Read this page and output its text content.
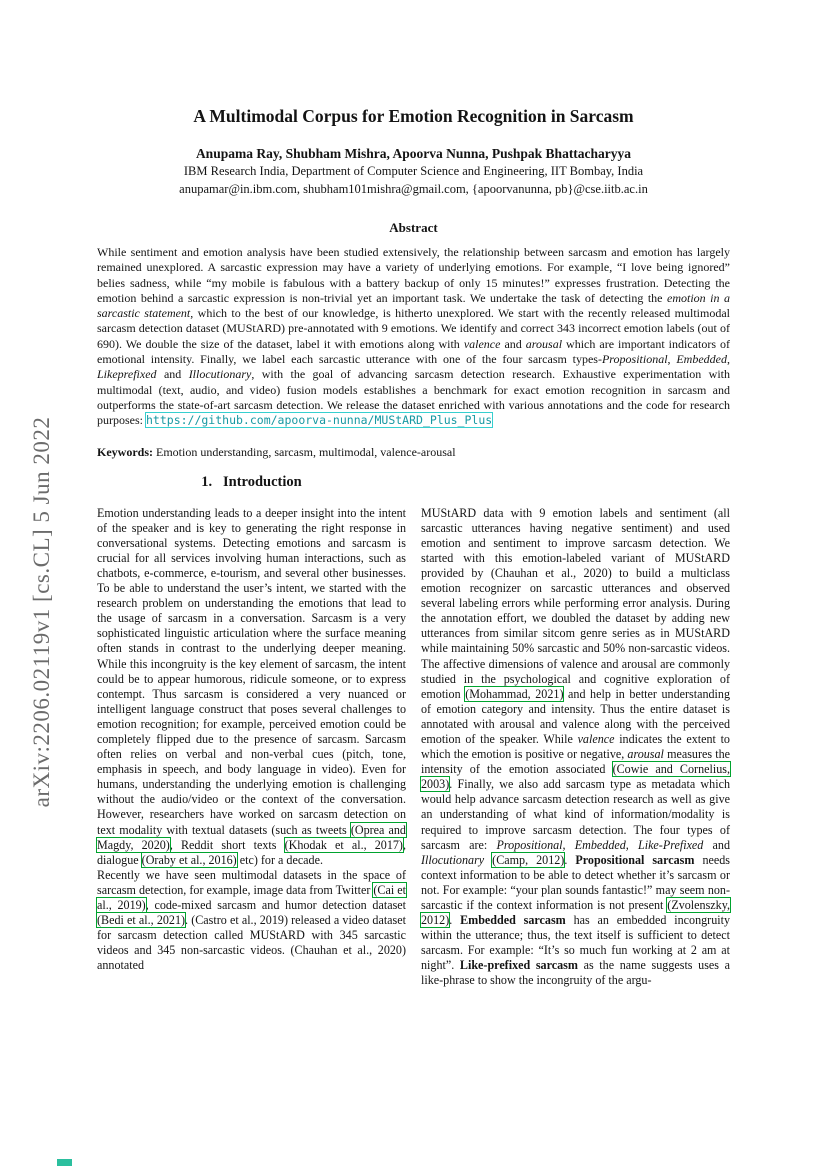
arXiv:2206.02119v1 [cs.CL] 5 Jun 2022
A Multimodal Corpus for Emotion Recognition in Sarcasm
Anupama Ray, Shubham Mishra, Apoorva Nunna, Pushpak Bhattacharyya
IBM Research India, Department of Computer Science and Engineering, IIT Bombay, India
anupamar@in.ibm.com, shubham101mishra@gmail.com, {apoorvanunna, pb}@cse.iitb.ac.in
Abstract
While sentiment and emotion analysis have been studied extensively, the relationship between sarcasm and emotion has largely remained unexplored. A sarcastic expression may have a variety of underlying emotions. For example, “I love being ignored” belies sadness, while “my mobile is fabulous with a battery backup of only 15 minutes!” expresses frustration. Detecting the emotion behind a sarcastic expression is non-trivial yet an important task. We undertake the task of detecting the emotion in a sarcastic statement, which to the best of our knowledge, is hitherto unexplored. We start with the recently released multimodal sarcasm detection dataset (MUStARD) pre-annotated with 9 emotions. We identify and correct 343 incorrect emotion labels (out of 690). We double the size of the dataset, label it with emotions along with valence and arousal which are important indicators of emotional intensity. Finally, we label each sarcastic utterance with one of the four sarcasm types-Propositional, Embedded, Likeprefixed and Illocutionary, with the goal of advancing sarcasm detection research. Exhaustive experimentation with multimodal (text, audio, and video) fusion models establishes a benchmark for exact emotion recognition in sarcasm and outperforms the state-of-art sarcasm detection. We release the dataset enriched with various annotations and the code for research purposes: https://github.com/apoorva-nunna/MUStARD_Plus_Plus
Keywords: Emotion understanding, sarcasm, multimodal, valence-arousal
1.   Introduction

Emotion understanding leads to a deeper insight into the intent of the speaker and is key to generating the right response in conversational systems. Detecting emotions and sarcasm is crucial for all services involving human interactions, such as chatbots, e-commerce, e-tourism, and several other businesses. To be able to understand the user’s intent, we started with the research problem on understanding the emotions that lead to the usage of sarcasm in a conversation. Sarcasm is a very sophisticated linguistic articulation where the surface meaning often stands in contrast to the underlying deeper meaning. While this incongruity is the key element of sarcasm, the intent could be to appear humorous, ridicule someone, or to express contempt. Thus sarcasm is considered a very nuanced or intelligent language construct that poses several challenges to emotion recognition; for example, perceived emotion could be completely flipped due to the presence of sarcasm. Sarcasm often relies on verbal and non-verbal cues (pitch, tone, emphasis in speech, and body language in video). Even for humans, understanding the underlying emotion is challenging without the audio/video or the context of the conversation. However, researchers have worked on sarcasm detection on text modality with textual datasets (such as tweets (Oprea and Magdy, 2020), Reddit short texts (Khodak et al., 2017), dialogue (Oraby et al., 2016) etc) for a decade.

Recently we have seen multimodal datasets in the space of sarcasm detection, for example, image data from Twitter (Cai et al., 2019), code-mixed sarcasm and humor detection dataset (Bedi et al., 2021). (Castro et al., 2019) released a video dataset for sarcasm detection called MUStARD with 345 sarcastic videos and 345 non-sarcastic videos. (Chauhan et al., 2020) annotated

MUStARD data with 9 emotion labels and sentiment (all sarcastic utterances having negative sentiment) and used emotion and sentiment to improve sarcasm detection. We started with this emotion-labeled variant of MUStARD provided by (Chauhan et al., 2020) to build a multiclass emotion recognizer on sarcastic utterances and observed several labeling errors while performing error analysis. During the annotation effort, we doubled the dataset by adding new utterances from similar sitcom genre series as in MUStARD while maintaining 50% sarcastic and 50% non-sarcastic videos. The affective dimensions of valence and arousal are commonly studied in the psychological and cognitive exploration of emotion (Mohammad, 2021) and help in better understanding of emotion category and intensity. Thus the entire dataset is annotated with arousal and valence along with the perceived emotion of the speaker. While valence indicates the extent to which the emotion is positive or negative, arousal measures the intensity of the emotion associated (Cowie and Cornelius, 2003). Finally, we also add sarcasm type as metadata which would help advance sarcasm detection research as well as give an understanding of what kind of information/modality is required to improve sarcasm detection. The four types of sarcasm are: Propositional, Embedded, Like-Prefixed and Illocutionary (Camp, 2012). Propositional sarcasm needs context information to be able to detect whether it’s sarcasm or not. For example: “your plan sounds fantastic!” may seem non-sarcastic if the context information is not present (Zvolenszky, 2012). Embedded sarcasm has an embedded incongruity within the utterance; thus, the text itself is sufficient to detect sarcasm. For example: “It’s so much fun working at 2 am at night”. Like-prefixed sarcasm as the name suggests uses a like-phrase to show the incongruity of the argu-
